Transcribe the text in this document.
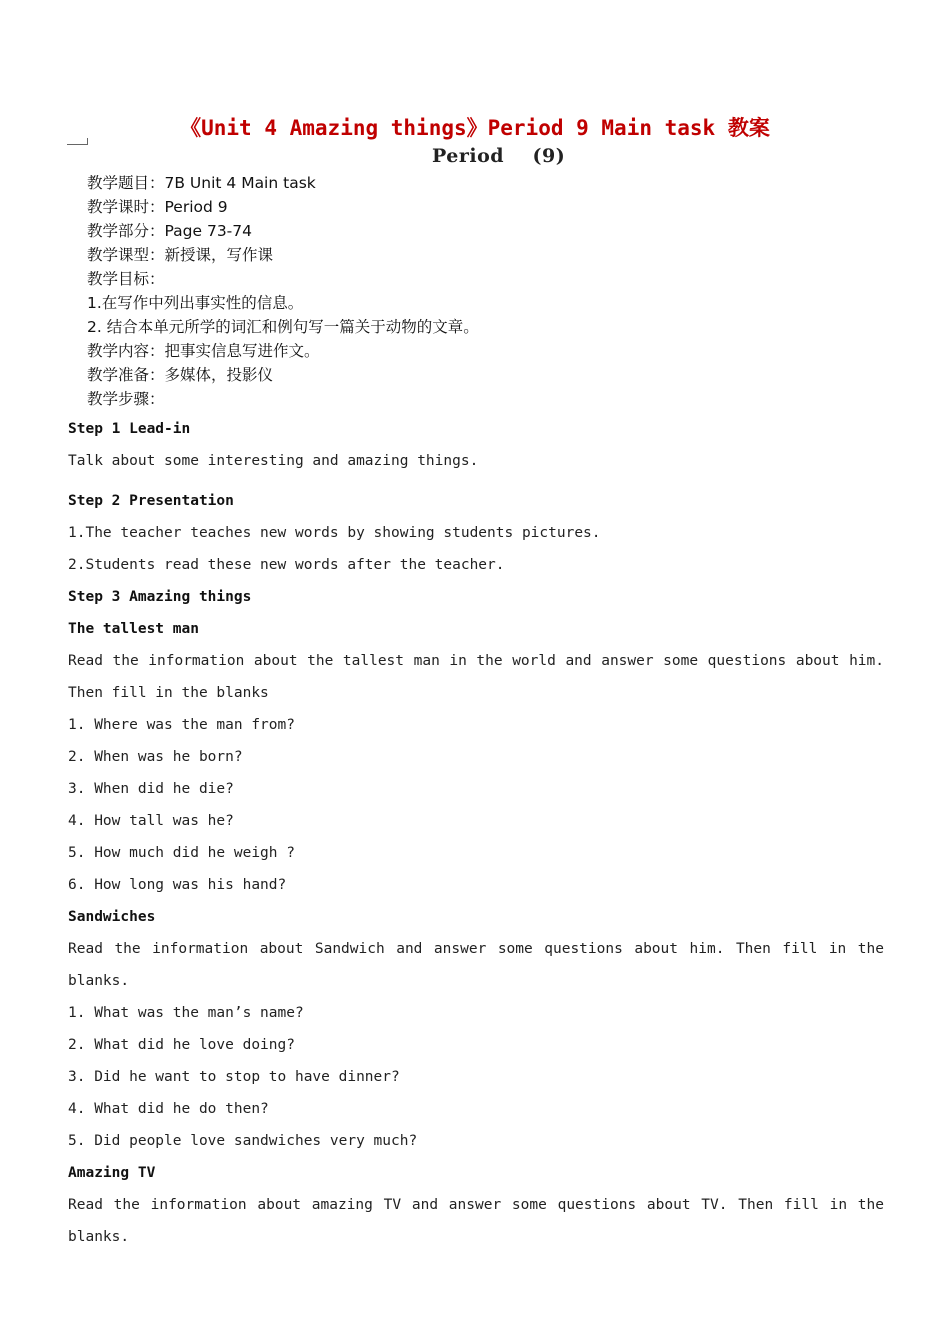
《Unit 4 Amazing things》Period 9 Main task 教案
Period    (9)
教学题目：7B Unit 4 Main task
教学课时：Period 9
教学部分：Page 73-74
教学课型：新授课，写作课
教学目标：
1.在写作中列出事实性的信息。
2. 结合本单元所学的词汇和例句写一篇关于动物的文章。
教学内容：把事实信息写进作文。
教学准备：多媒体，投影仪
教学步骤：
Step 1 Lead-in
Talk about some interesting and amazing things.
Step 2 Presentation
1.The teacher teaches new words by showing students pictures.
2.Students read these new words after the teacher.
Step 3 Amazing things
The tallest man
Read the information about the tallest man in the world and answer some questions about him. Then fill in the blanks
1. Where was the man from?
2. When was he born?
3. When did he die?
4. How tall was he?
5. How much did he weigh ?
6. How long was his hand?
Sandwiches
Read the information about Sandwich and answer some questions about him. Then fill in the blanks.
1. What was the man’s name?
2. What did he love doing?
3. Did he want to stop to have dinner?
4. What did he do then?
5. Did people love sandwiches very much?
Amazing TV
Read the information about amazing TV and answer some questions about TV. Then fill in the blanks.
